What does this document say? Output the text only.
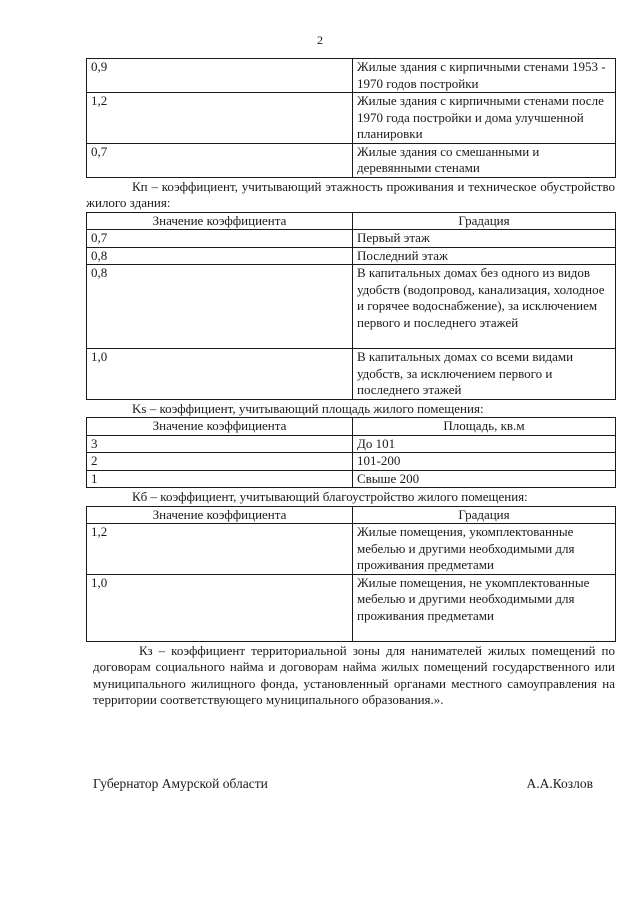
2
0,9	Жилые здания с кирпичными стенами 1953 - 1970 годов постройки
1,2	Жилые здания с кирпичными стенами после 1970 года постройки и дома улучшенной планировки
0,7	Жилые здания со смешанными и деревянными стенами

Кп – коэффициент, учитывающий этажность проживания и техническое обустройство жилого здания:

Значение коэффициента	Градация
0,7	Первый этаж
0,8	Последний этаж
0,8	В капитальных домах без одного из видов удобств (водопровод, канализация, холодное и горячее водоснабжение), за исключением первого и последнего этажей
1,0	В капитальных домах со всеми видами удобств, за исключением первого и последнего этажей

Ks – коэффициент, учитывающий площадь жилого помещения:

Значение коэффициента	Площадь, кв.м
3	До 101
2	101-200
1	Свыше 200

Кб – коэффициент, учитывающий благоустройство жилого помещения:

Значение коэффициента	Градация
1,2	Жилые помещения, укомплектованные мебелью и другими необходимыми для проживания предметами
1,0	Жилые помещения, не укомплектованные мебелью и другими необходимыми для проживания предметами

Кз – коэффициент территориальной зоны для нанимателей жилых помещений по договорам социального найма и договорам найма жилых помещений государственного или муниципального жилищного фонда, установленный органами местного самоуправления на территории соответствующего муниципального образования.».

Губернатор Амурской области	А.А.Козлов
